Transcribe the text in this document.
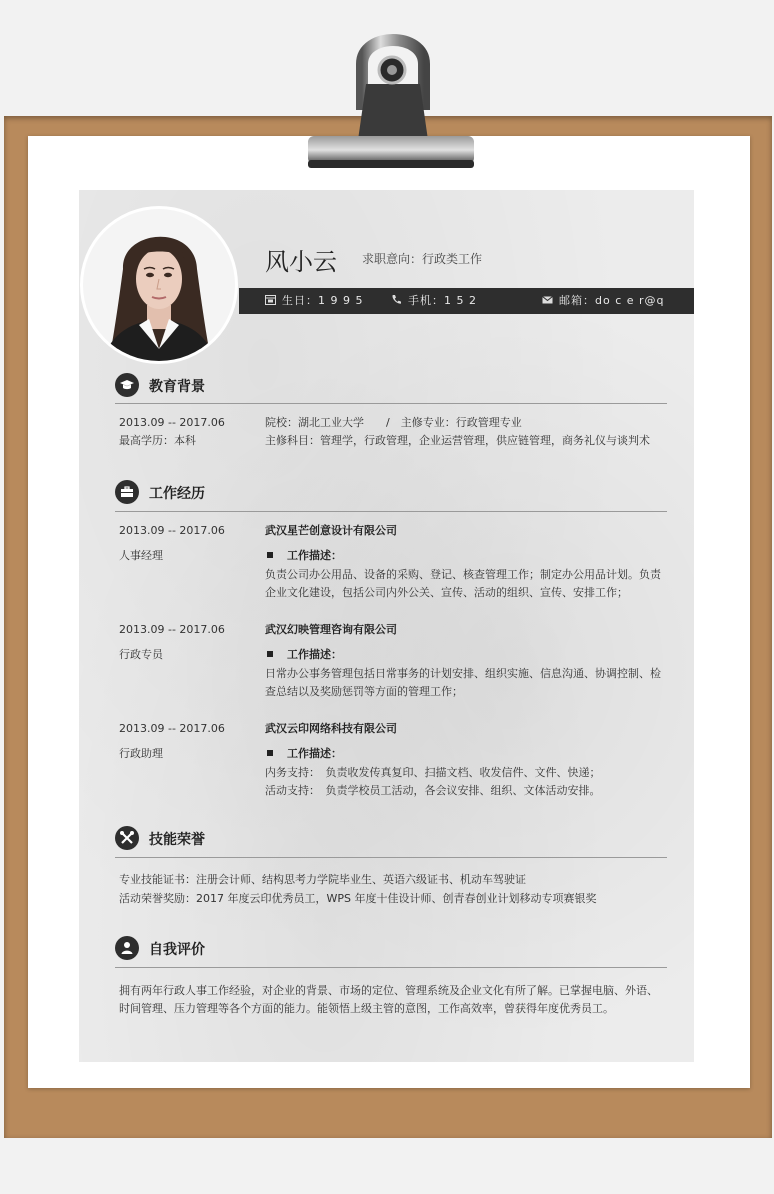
生日：1 9 9 5	手机：1 5 2	邮箱：do c e r@q
风小云 求职意向：行政类工作
教育背景
2013.09 -- 2017.06
最高学历：本科
院校：湖北工业大学　　/　主修专业：行政管理专业
主修科目：管理学，行政管理，企业运营管理，供应链管理，商务礼仪与谈判术
工作经历
2013.09 -- 2017.06
人事经理
武汉星芒创意设计有限公司
工作描述：
负责公司办公用品、设备的采购、登记、核查管理工作；制定办公用品计划。负责
企业文化建设，包括公司内外公关、宣传、活动的组织、宣传、安排工作；
2013.09 -- 2017.06
行政专员
武汉幻映管理咨询有限公司
工作描述：
日常办公事务管理包括日常事务的计划安排、组织实施、信息沟通、协调控制、检
查总结以及奖励惩罚等方面的管理工作；
2013.09 -- 2017.06
行政助理
武汉云印网络科技有限公司
工作描述：
内务支持：　负责收发传真复印、扫描文档、收发信件、文件、快递；
活动支持：　负责学校员工活动，各会议安排、组织、文体活动安排。
技能荣誉
专业技能证书：注册会计师、结构思考力学院毕业生、英语六级证书、机动车驾驶证
活动荣誉奖励：2017 年度云印优秀员工，WPS 年度十佳设计师、创青春创业计划移动专项赛银奖
自我评价
拥有两年行政人事工作经验，对企业的背景、市场的定位、管理系统及企业文化有所了解。已掌握电脑、外语、
时间管理、压力管理等各个方面的能力。能领悟上级主管的意图，工作高效率，曾获得年度优秀员工。
